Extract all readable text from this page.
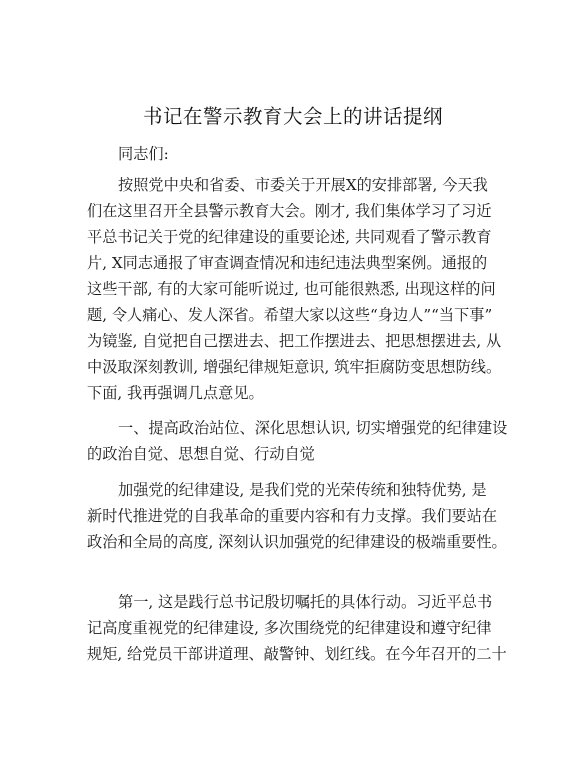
书记在警示教育大会上的讲话提纲
同志们:
按照党中央和省委、市委关于开展X的安排部署, 今天我
们在这里召开全县警示教育大会。刚才, 我们集体学习了习近
平总书记关于党的纪律建设的重要论述, 共同观看了警示教育
片, X同志通报了审查调查情况和违纪违法典型案例。通报的
这些干部, 有的大家可能听说过, 也可能很熟悉, 出现这样的问
题, 令人痛心、发人深省。希望大家以这些“身边人”“当下事”
为镜鉴, 自觉把自己摆进去、把工作摆进去、把思想摆进去, 从
中汲取深刻教训, 增强纪律规矩意识, 筑牢拒腐防变思想防线。
下面, 我再强调几点意见。
一、提高政治站位、深化思想认识, 切实增强党的纪律建设
的政治自觉、思想自觉、行动自觉
加强党的纪律建设, 是我们党的光荣传统和独特优势, 是
新时代推进党的自我革命的重要内容和有力支撑。我们要站在
政治和全局的高度, 深刻认识加强党的纪律建设的极端重要性。
第一, 这是践行总书记殷切嘱托的具体行动。习近平总书
记高度重视党的纪律建设, 多次围绕党的纪律建设和遵守纪律
规矩, 给党员干部讲道理、敲警钟、划红线。在今年召开的二十
